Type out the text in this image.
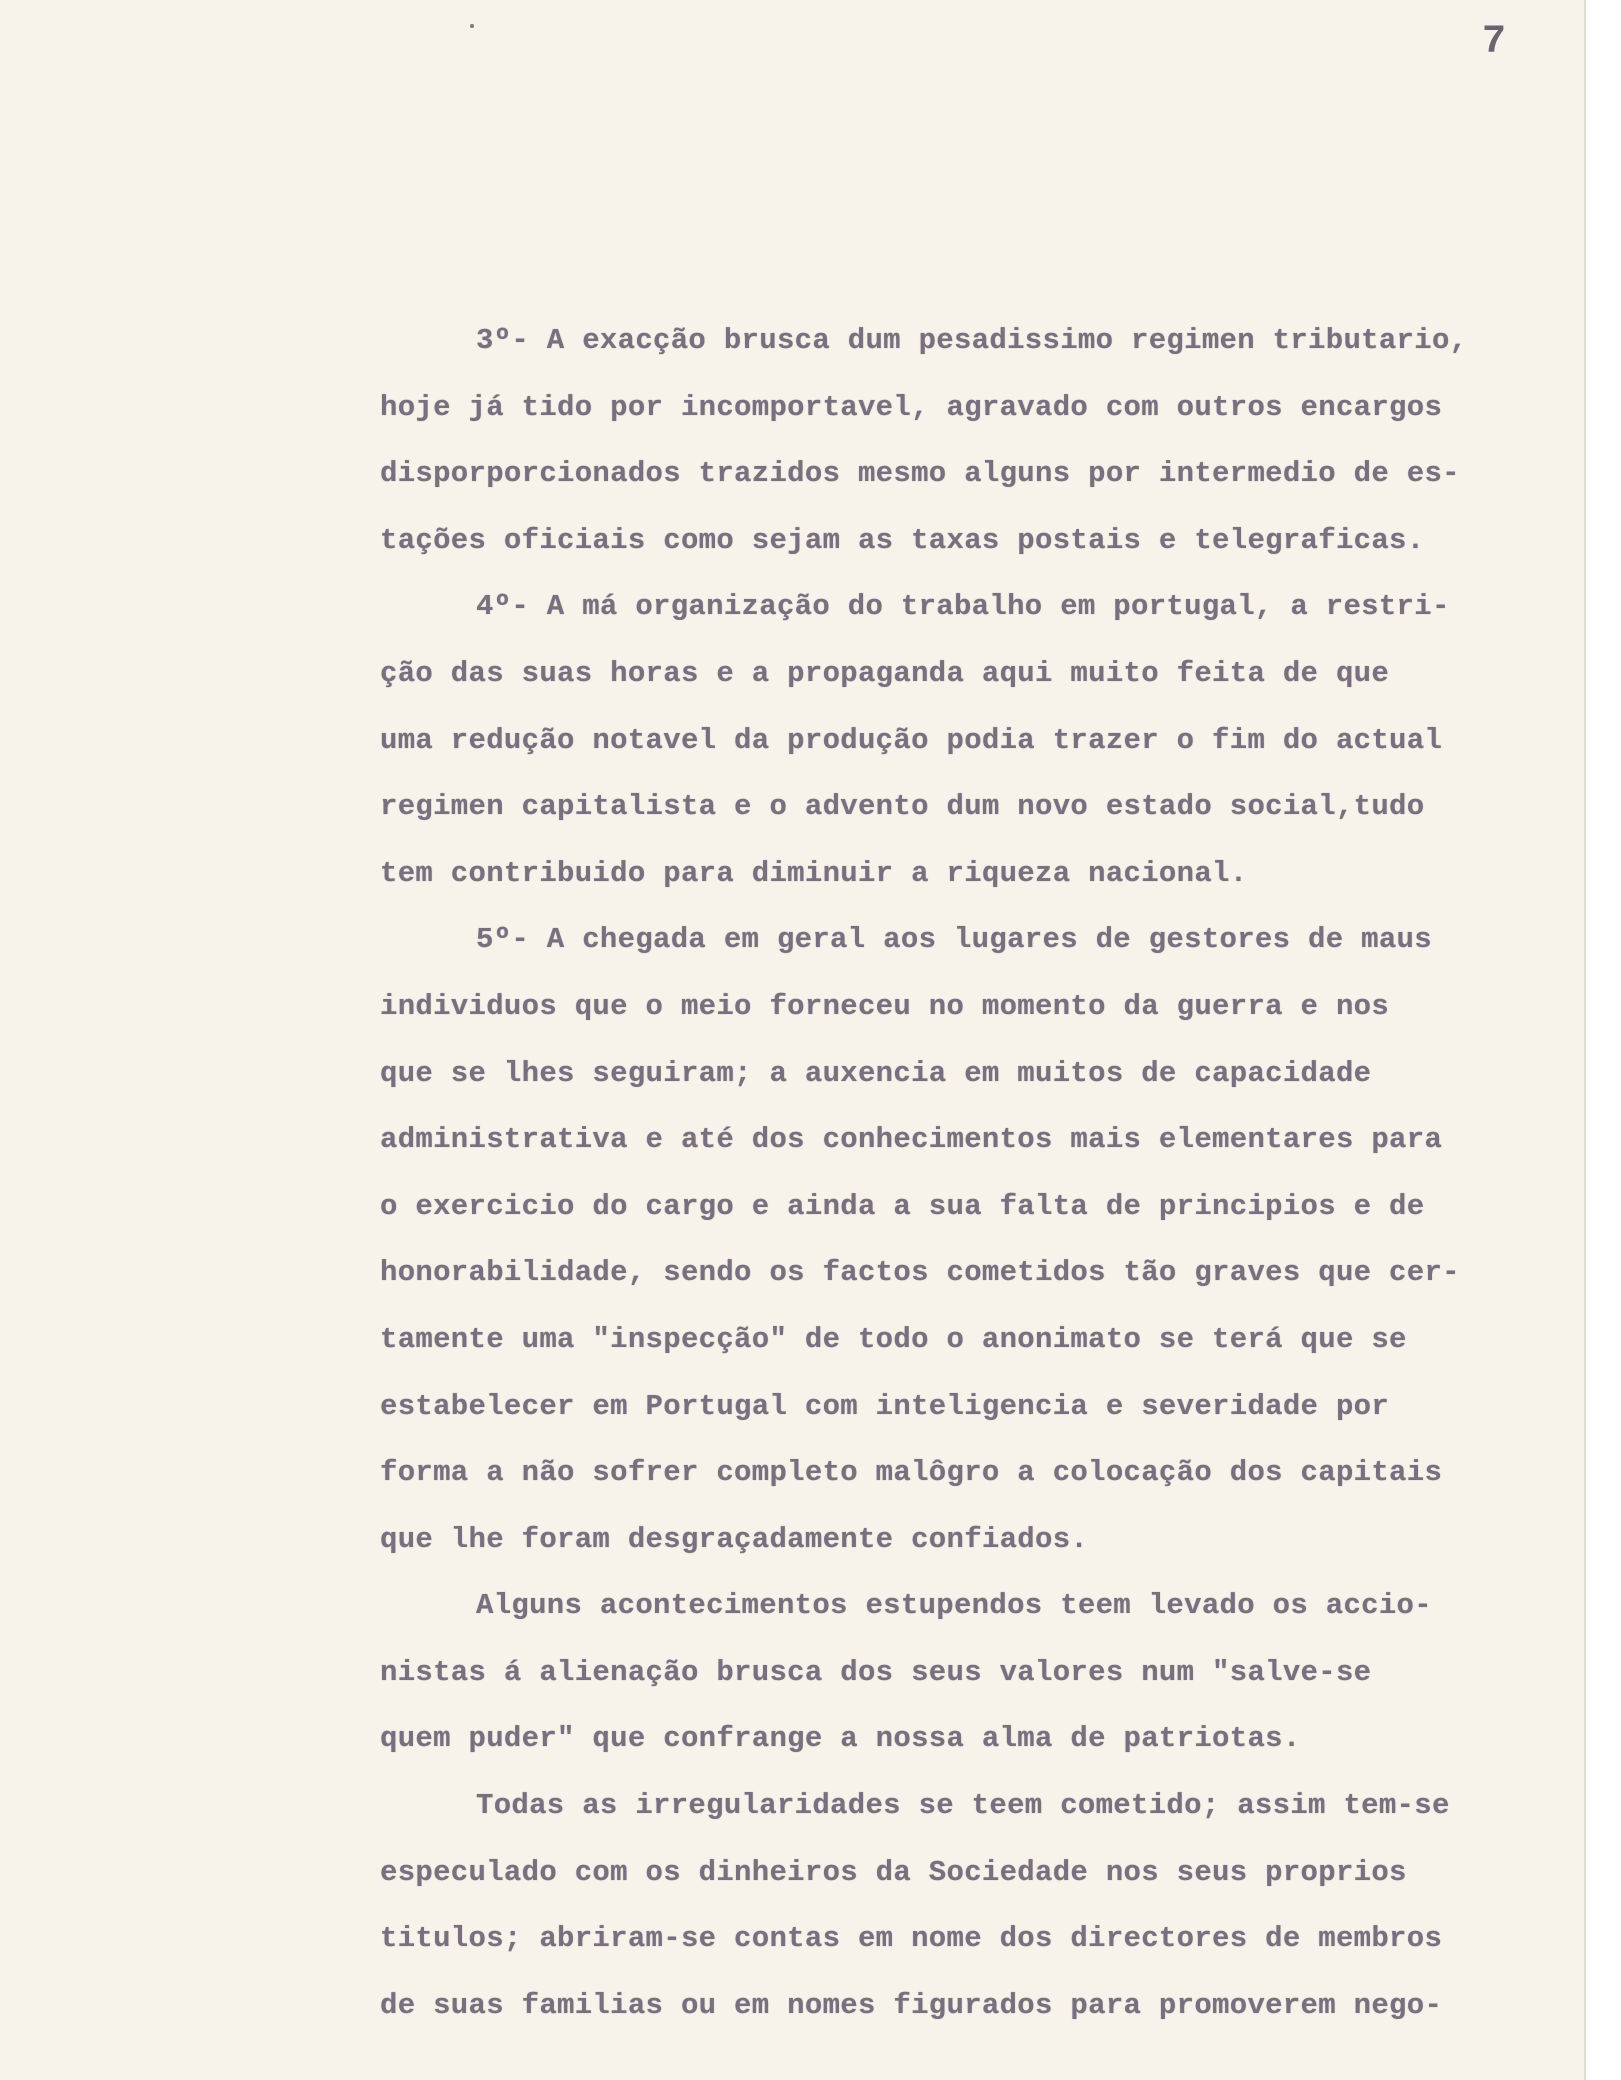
7
3º- A exacção brusca dum pesadissimo regimen tributario,
hoje já tido por incomportavel, agravado com outros encargos
disporporcionados trazidos mesmo alguns por intermedio de es-
tações oficiais como sejam as taxas postais e telegraficas.
4º- A má organização do trabalho em portugal, a restri-
ção das suas horas e a propaganda aqui muito feita de que
uma redução notavel da produção podia trazer o fim do actual
regimen capitalista e o advento dum novo estado social,tudo
tem contribuido para diminuir a riqueza nacional.
5º- A chegada em geral aos lugares de gestores de maus
individuos que o meio forneceu no momento da guerra e nos
que se lhes seguiram; a auxencia em muitos de capacidade
administrativa e até dos conhecimentos mais elementares para
o exercicio do cargo e ainda a sua falta de principios e de
honorabilidade, sendo os factos cometidos tão graves que cer-
tamente uma "inspecção" de todo o anonimato se terá que se
estabelecer em Portugal com inteligencia e severidade por
forma a não sofrer completo malôgro a colocação dos capitais
que lhe foram desgraçadamente confiados.
Alguns acontecimentos estupendos teem levado os accio-
nistas á alienação brusca dos seus valores num "salve-se
quem puder" que confrange a nossa alma de patriotas.
Todas as irregularidades se teem cometido; assim tem-se
especulado com os dinheiros da Sociedade nos seus proprios
titulos; abriram-se contas em nome dos directores de membros
de suas familias ou em nomes figurados para promoverem nego-
